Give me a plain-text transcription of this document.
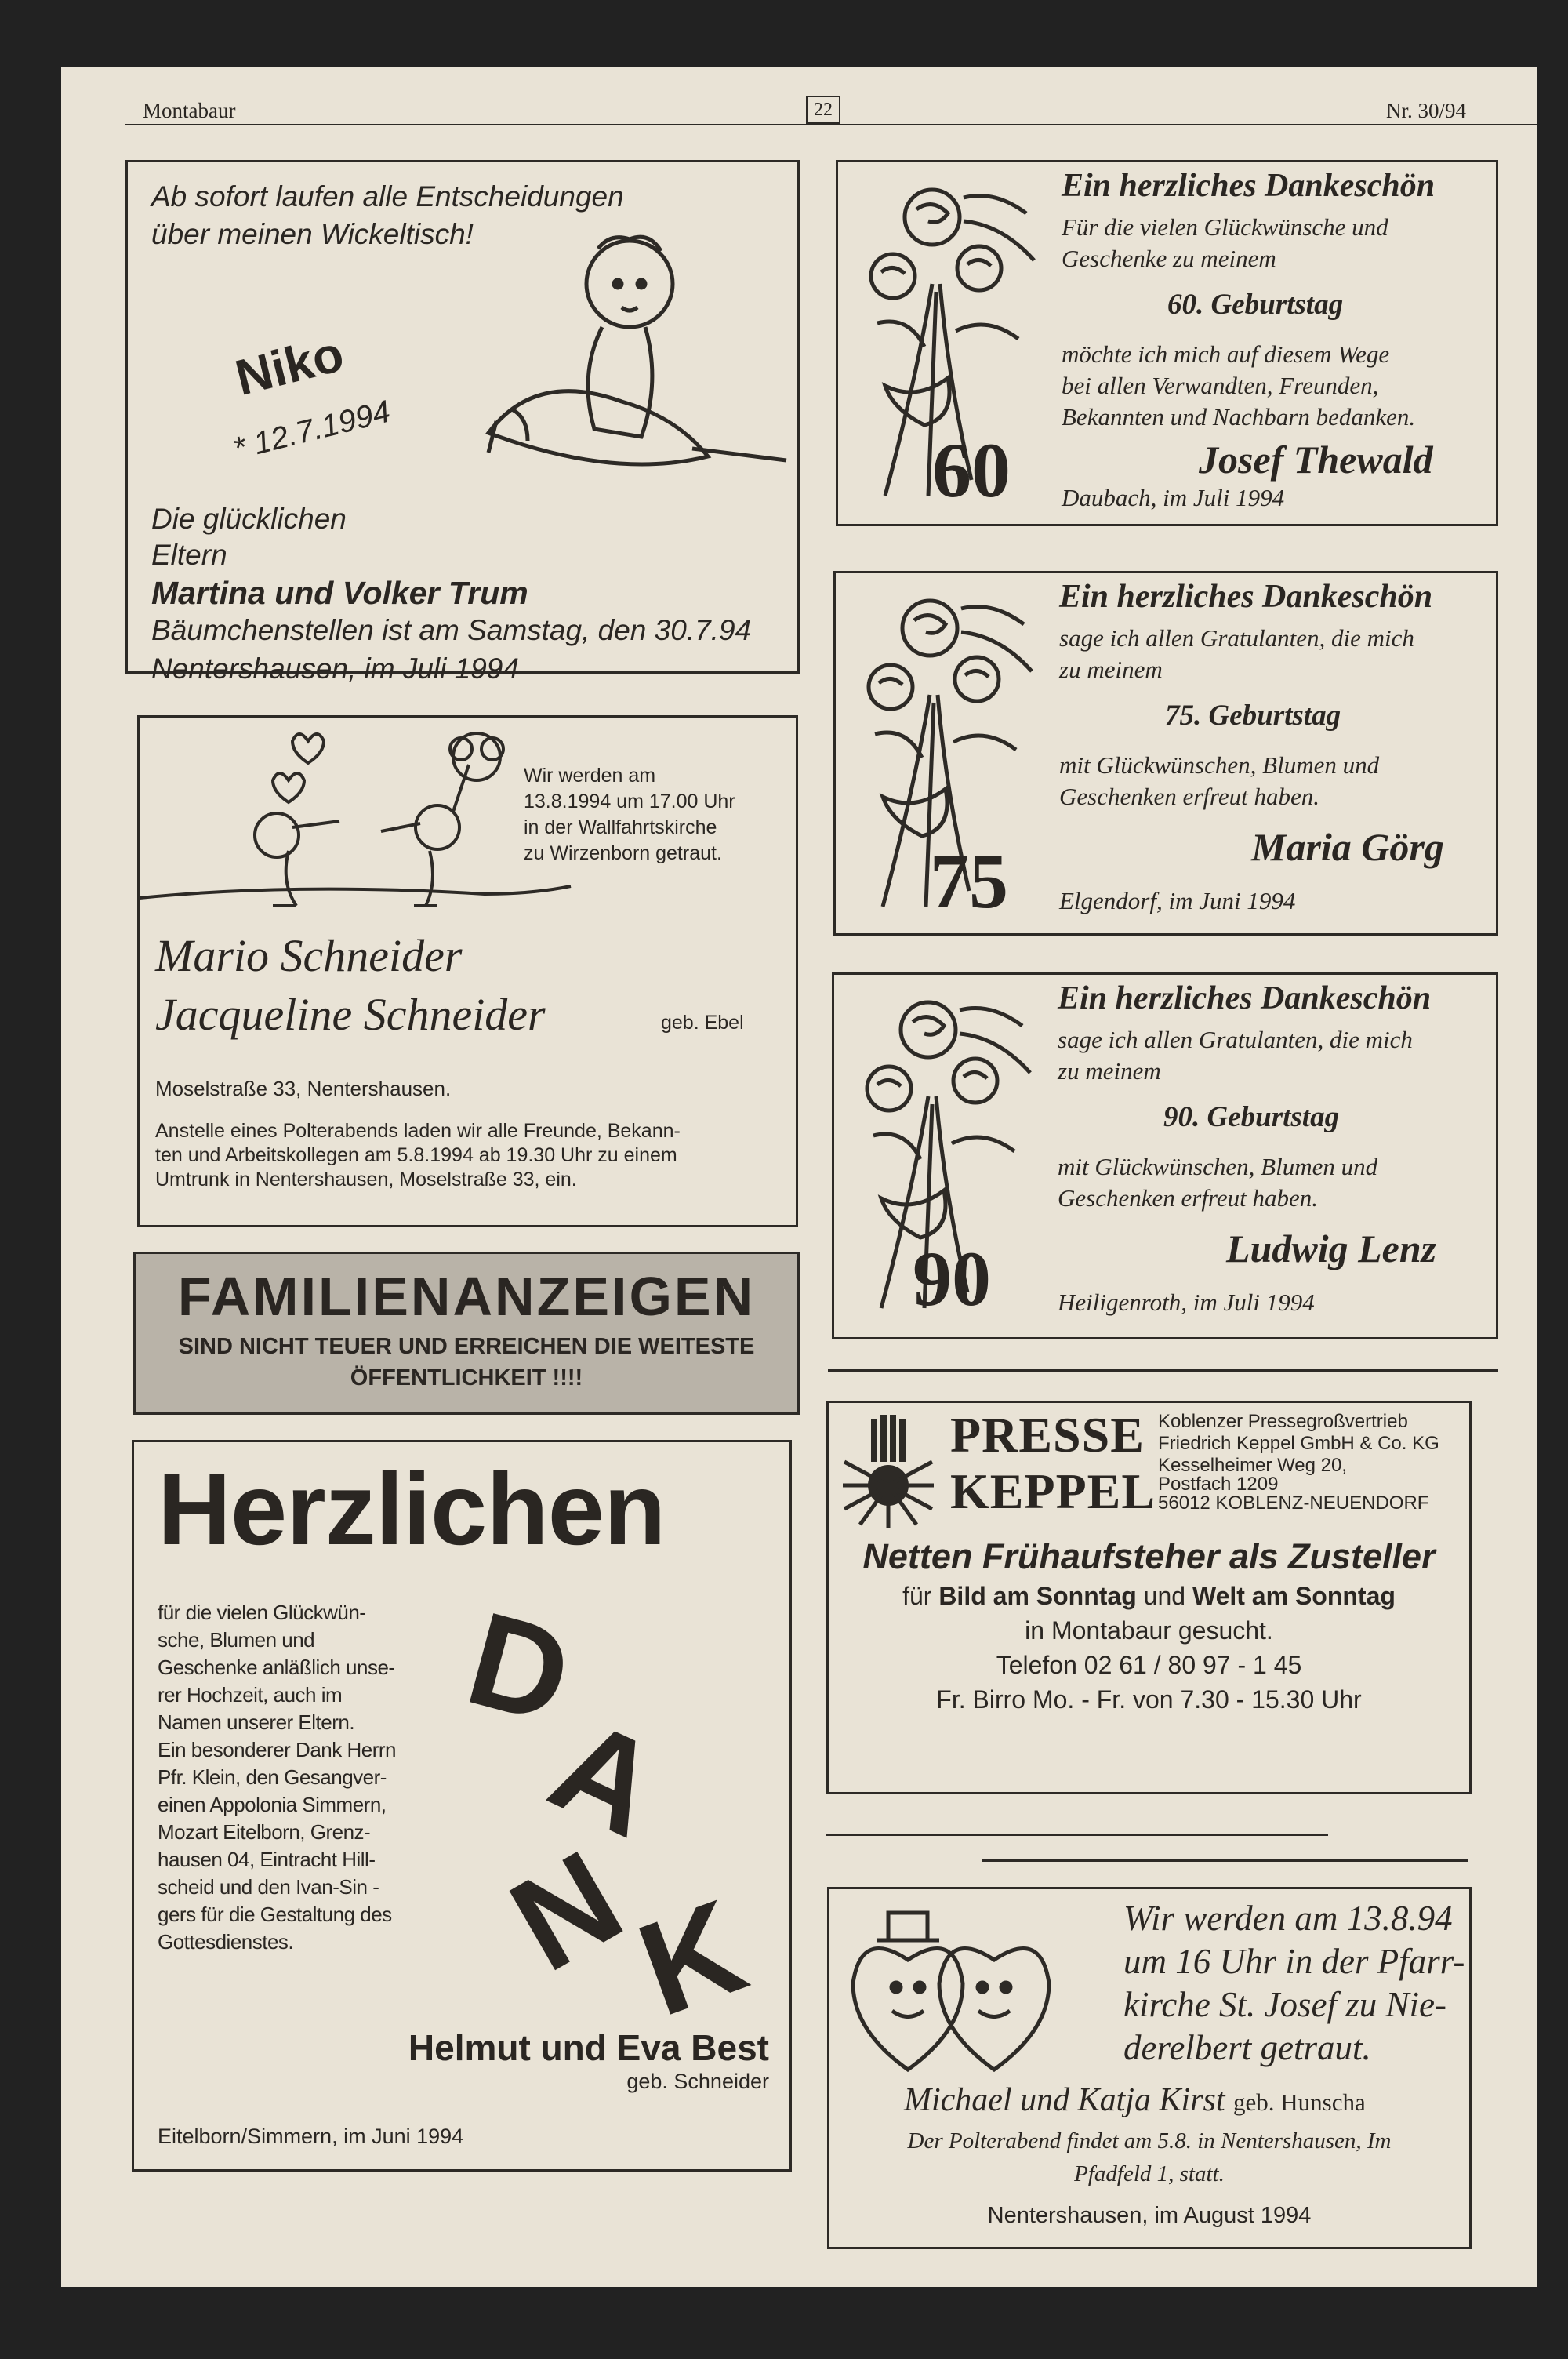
Montabaur	22	Nr. 30/94
Ab sofort laufen alle Entscheidungen
über meinen Wickeltisch!
Niko
* 12.7.1994
Die glücklichen
Eltern
Martina und Volker Trum
Bäumchenstellen ist am Samstag, den 30.7.94
Nentershausen, im Juli 1994
Wir werden am
13.8.1994 um 17.00 Uhr
in der Wallfahrtskirche
zu Wirzenborn getraut.
Mario Schneider
Jacqueline Schneider	geb. Ebel
Moselstraße 33, Nentershausen.
Anstelle eines Polterabends laden wir alle Freunde, Bekann-
ten und Arbeitskollegen am 5.8.1994 ab 19.30 Uhr zu einem
Umtrunk in Nentershausen, Moselstraße 33, ein.
FAMILIENANZEIGEN
SIND NICHT TEUER UND ERREICHEN DIE WEITESTE
ÖFFENTLICHKEIT !!!!
Herzlichen
D
A
N
K
für die vielen Glückwün-
sche, Blumen und
Geschenke anläßlich unse-
rer Hochzeit, auch im
Namen unserer Eltern.
Ein besonderer Dank Herrn
Pfr. Klein, den Gesangver-
einen Appolonia Simmern,
Mozart Eitelborn, Grenz-
hausen 04, Eintracht Hill-
scheid und den Ivan-Sin -
gers für die Gestaltung des
Gottesdienstes.
Helmut und Eva Best
geb. Schneider
Eitelborn/Simmern, im Juni 1994
Ein herzliches Dankeschön
Für die vielen Glückwünsche und
Geschenke zu meinem
60. Geburtstag
möchte ich mich auf diesem Wege
bei allen Verwandten, Freunden,
Bekannten und Nachbarn bedanken.
60	Josef Thewald
Daubach, im Juli 1994
Ein herzliches Dankeschön
sage ich allen Gratulanten, die mich
zu meinem
75. Geburtstag
mit Glückwünschen, Blumen und
Geschenken erfreut haben.
75	Maria Görg
Elgendorf, im Juni 1994
Ein herzliches Dankeschön
sage ich allen Gratulanten, die mich
zu meinem
90. Geburtstag
mit Glückwünschen, Blumen und
Geschenken erfreut haben.
90	Ludwig Lenz
Heiligenroth, im Juli 1994
PRESSE
KEPPEL
Koblenzer Pressegroßvertrieb
Friedrich Keppel GmbH & Co. KG
Kesselheimer Weg 20,
Postfach 1209
56012 KOBLENZ-NEUENDORF
Netten Frühaufsteher als Zusteller
für Bild am Sonntag und Welt am Sonntag
in Montabaur gesucht.
Telefon 02 61 / 80 97 - 1 45
Fr. Birro Mo. - Fr. von 7.30 - 15.30 Uhr
Wir werden am 13.8.94
um 16 Uhr in der Pfarr-
kirche St. Josef zu Nie-
derelbert getraut.
Michael und Katja Kirst geb. Hunscha
Der Polterabend findet am 5.8. in Nentershausen, Im
Pfadfeld 1, statt.
Nentershausen, im August 1994
